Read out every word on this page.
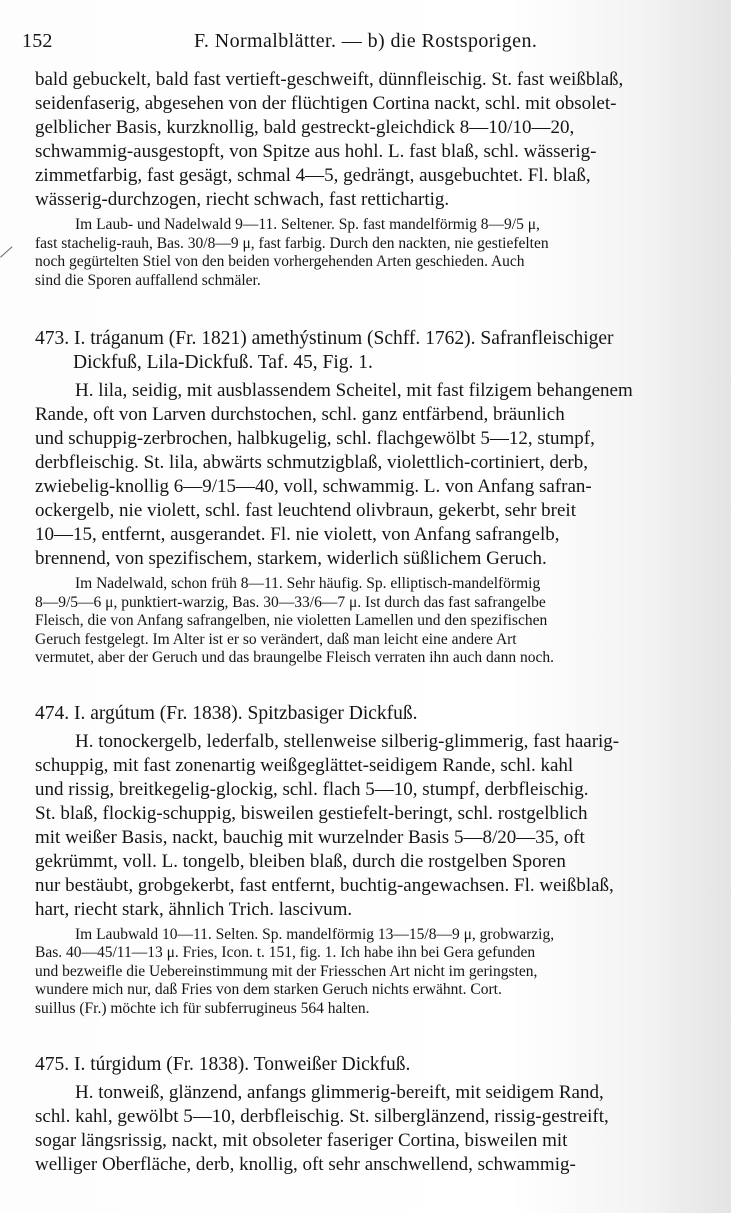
152	F. Normalblätter. — b) die Rostsporigen.

bald gebuckelt, bald fast vertieft-geschweift, dünnfleischig. St. fast weißblaß,
seidenfaserig, abgesehen von der flüchtigen Cortina nackt, schl. mit obsolet-
gelblicher Basis, kurzknollig, bald gestreckt-gleichdick 8—10/10—20,
schwammig-ausgestopft, von Spitze aus hohl. L. fast blaß, schl. wässerig-
zimmetfarbig, fast gesägt, schmal 4—5, gedrängt, ausgebuchtet. Fl. blaß,
wässerig-durchzogen, riecht schwach, fast rettichartig.

Im Laub- und Nadelwald 9—11. Seltener. Sp. fast mandelförmig 8—9/5 μ,
fast stachelig-rauh, Bas. 30/8—9 μ, fast farbig. Durch den nackten, nie gestiefelten
noch gegürtelten Stiel von den beiden vorhergehenden Arten geschieden. Auch
sind die Sporen auffallend schmäler.

473. I. tráganum (Fr. 1821) amethýstinum (Schff. 1762). Safranfleischiger
Dickfuß, Lila-Dickfuß. Taf. 45, Fig. 1.

H. lila, seidig, mit ausblassendem Scheitel, mit fast filzigem behangenem
Rande, oft von Larven durchstochen, schl. ganz entfärbend, bräunlich
und schuppig-zerbrochen, halbkugelig, schl. flachgewölbt 5—12, stumpf,
derbfleischig. St. lila, abwärts schmutzigblaß, violettlich-cortiniert, derb,
zwiebelig-knollig 6—9/15—40, voll, schwammig. L. von Anfang safran-
ockergelb, nie violett, schl. fast leuchtend olivbraun, gekerbt, sehr breit
10—15, entfernt, ausgerandet. Fl. nie violett, von Anfang safrangelb,
brennend, von spezifischem, starkem, widerlich süßlichem Geruch.

Im Nadelwald, schon früh 8—11. Sehr häufig. Sp. elliptisch-mandelförmig
8—9/5—6 μ, punktiert-warzig, Bas. 30—33/6—7 μ. Ist durch das fast safrangelbe
Fleisch, die von Anfang safrangelben, nie violetten Lamellen und den spezifischen
Geruch festgelegt. Im Alter ist er so verändert, daß man leicht eine andere Art
vermutet, aber der Geruch und das braungelbe Fleisch verraten ihn auch dann noch.

474. I. argútum (Fr. 1838). Spitzbasiger Dickfuß.

H. tonockergelb, lederfalb, stellenweise silberig-glimmerig, fast haarig-
schuppig, mit fast zonenartig weißgeglättet-seidigem Rande, schl. kahl
und rissig, breitkegelig-glockig, schl. flach 5—10, stumpf, derbfleischig.
St. blaß, flockig-schuppig, bisweilen gestiefelt-beringt, schl. rostgelblich
mit weißer Basis, nackt, bauchig mit wurzelnder Basis 5—8/20—35, oft
gekrümmt, voll. L. tongelb, bleiben blaß, durch die rostgelben Sporen
nur bestäubt, grobgekerbt, fast entfernt, buchtig-angewachsen. Fl. weißblaß,
hart, riecht stark, ähnlich Trich. lascivum.

Im Laubwald 10—11. Selten. Sp. mandelförmig 13—15/8—9 μ, grobwarzig,
Bas. 40—45/11—13 μ. Fries, Icon. t. 151, fig. 1. Ich habe ihn bei Gera gefunden
und bezweifle die Uebereinstimmung mit der Friesschen Art nicht im geringsten,
wundere mich nur, daß Fries von dem starken Geruch nichts erwähnt. Cort.
suillus (Fr.) möchte ich für subferrugineus 564 halten.

475. I. túrgidum (Fr. 1838). Tonweißer Dickfuß.

H. tonweiß, glänzend, anfangs glimmerig-bereift, mit seidigem Rand,
schl. kahl, gewölbt 5—10, derbfleischig. St. silberglänzend, rissig-gestreift,
sogar längsrissig, nackt, mit obsoleter faseriger Cortina, bisweilen mit
welliger Oberfläche, derb, knollig, oft sehr anschwellend, schwammig-
